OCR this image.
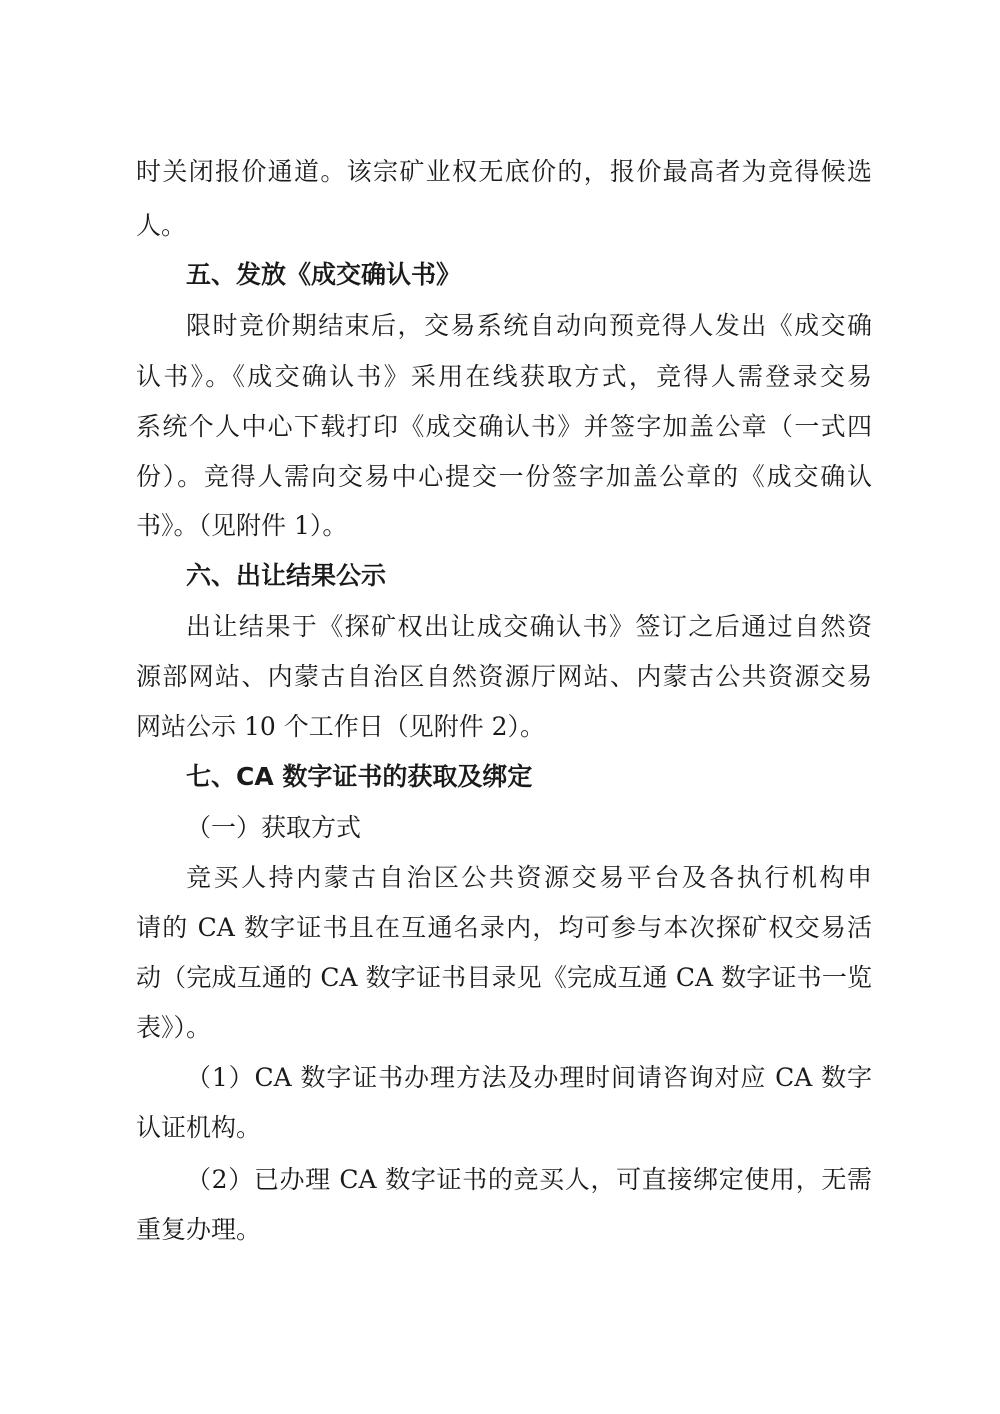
时关闭报价通道。该宗矿业权无底价的，报价最高者为竞得候选
人。
五、发放《成交确认书》
限时竞价期结束后，交易系统自动向预竞得人发出《成交确
认书》。《成交确认书》采用在线获取方式，竞得人需登录交易
系统个人中心下载打印《成交确认书》并签字加盖公章（一式四
份）。竞得人需向交易中心提交一份签字加盖公章的《成交确认
书》。（见附件 1）。
六、出让结果公示
出让结果于《探矿权出让成交确认书》签订之后通过自然资
源部网站、内蒙古自治区自然资源厅网站、内蒙古公共资源交易
网站公示 10 个工作日（见附件 2）。
七、CA 数字证书的获取及绑定
（一）获取方式
竞买人持内蒙古自治区公共资源交易平台及各执行机构申
请的 CA 数字证书且在互通名录内，均可参与本次探矿权交易活
动（完成互通的 CA 数字证书目录见《完成互通 CA 数字证书一览
表》）。
（1）CA 数字证书办理方法及办理时间请咨询对应 CA 数字
认证机构。
（2）已办理 CA 数字证书的竞买人，可直接绑定使用，无需
重复办理。
